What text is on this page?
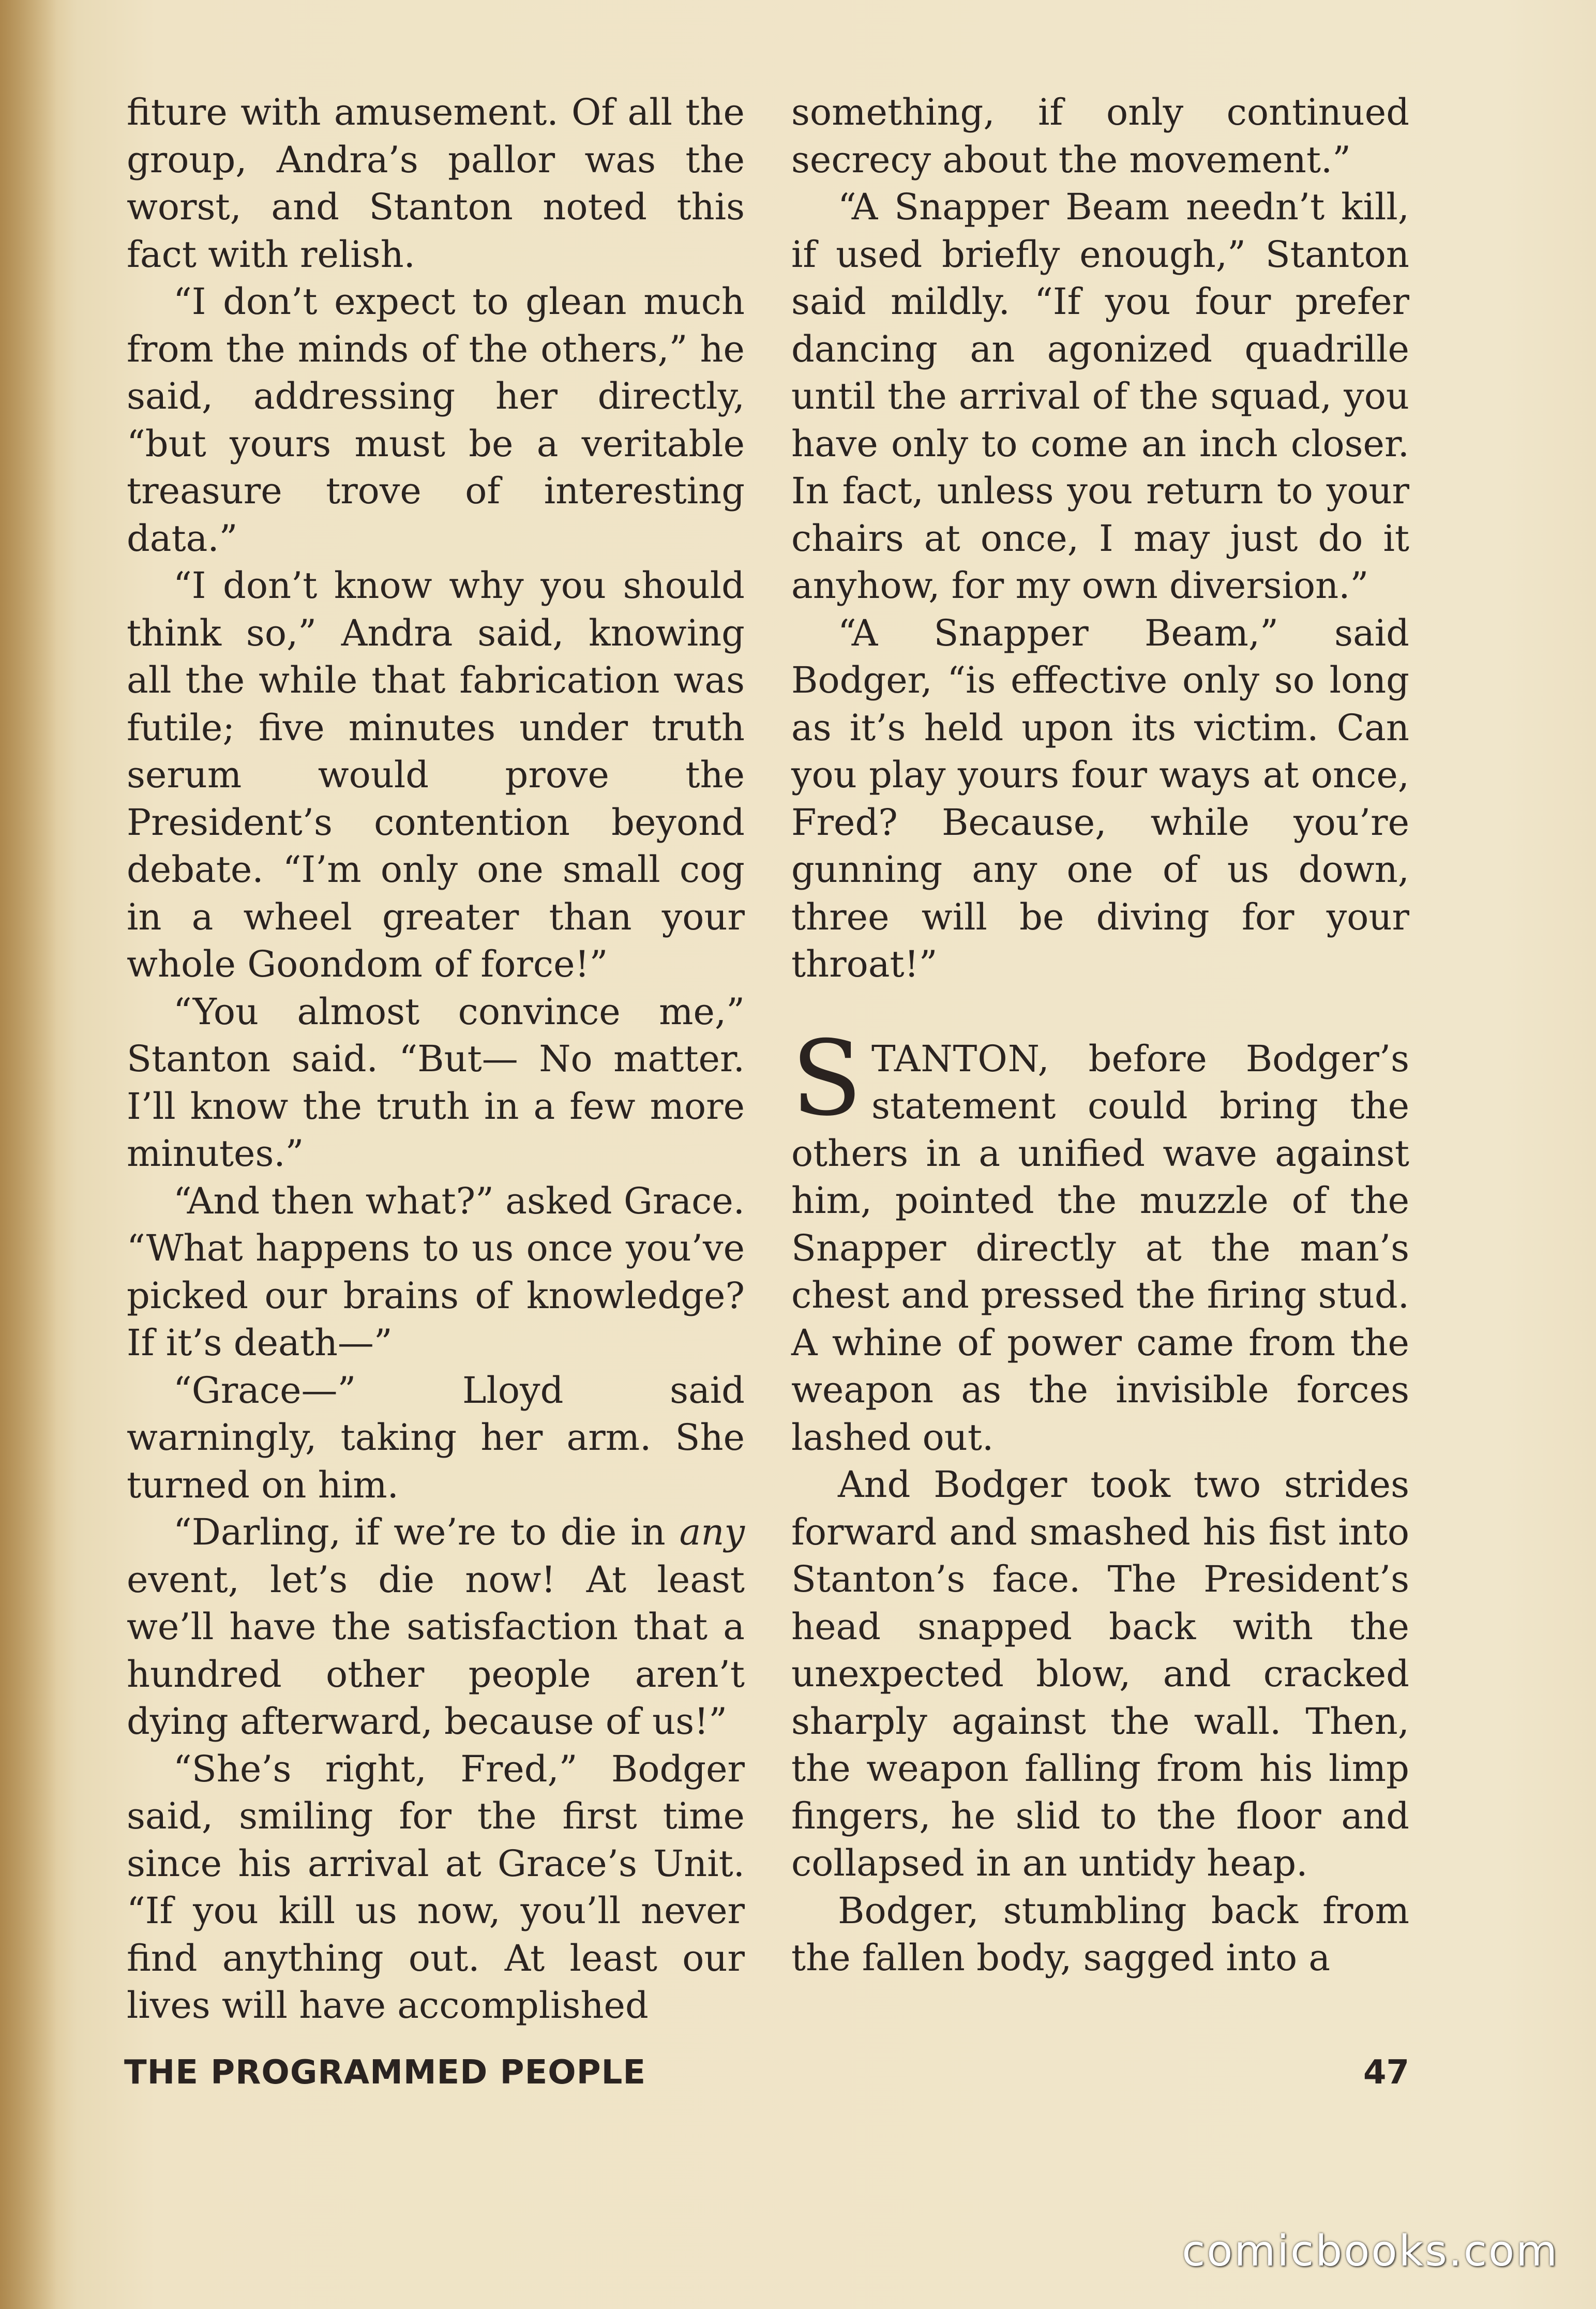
fiture with amusement. Of all the group, Andra’s pallor was the worst, and Stanton noted this fact with relish.

“I don’t expect to glean much from the minds of the others,” he said, addressing her directly, “but yours must be a veritable treasure trove of interesting data.”

“I don’t know why you should think so,” Andra said, knowing all the while that fabrication was futile; five minutes under truth serum would prove the President’s contention beyond debate. “I’m only one small cog in a wheel greater than your whole Goondom of force!”

“You almost convince me,” Stanton said. “But— No matter. I’ll know the truth in a few more minutes.”

“And then what?” asked Grace. “What happens to us once you’ve picked our brains of knowledge? If it’s death—”

“Grace—” Lloyd said warningly, taking her arm. She turned on him.

“Darling, if we’re to die in any event, let’s die now! At least we’ll have the satisfaction that a hundred other people aren’t dying afterward, because of us!”

“She’s right, Fred,” Bodger said, smiling for the first time since his arrival at Grace’s Unit. “If you kill us now, you’ll never find anything out. At least our lives will have accomplished

something, if only continued secrecy about the movement.”

“A Snapper Beam needn’t kill, if used briefly enough,” Stanton said mildly. “If you four prefer dancing an agonized quadrille until the arrival of the squad, you have only to come an inch closer. In fact, unless you return to your chairs at once, I may just do it anyhow, for my own diversion.”

“A Snapper Beam,” said Bodger, “is effective only so long as it’s held upon its victim. Can you play yours four ways at once, Fred? Because, while you’re gunning any one of us down, three will be diving for your throat!”

STANTON, before Bodger’s statement could bring the others in a unified wave against him, pointed the muzzle of the Snapper directly at the man’s chest and pressed the firing stud. A whine of power came from the weapon as the invisible forces lashed out.

And Bodger took two strides forward and smashed his fist into Stanton’s face. The President’s head snapped back with the unexpected blow, and cracked sharply against the wall. Then, the weapon falling from his limp fingers, he slid to the floor and collapsed in an untidy heap.

Bodger, stumbling back from the fallen body, sagged into a

THE PROGRAMMED PEOPLE	47
comicbooks.com
